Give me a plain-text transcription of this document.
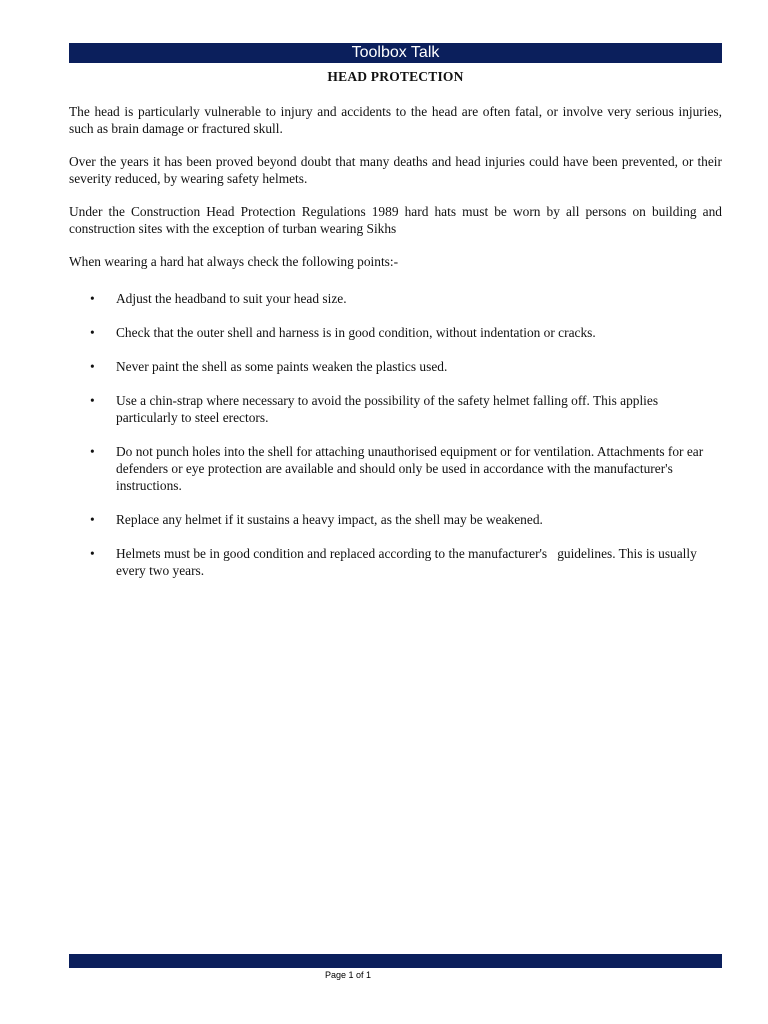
Toolbox Talk
HEAD PROTECTION

The head is particularly vulnerable to injury and accidents to the head are often fatal, or involve very serious injuries, such as brain damage or fractured skull.

Over the years it has been proved beyond doubt that many deaths and head injuries could have been prevented, or their severity reduced, by wearing safety helmets.

Under the Construction Head Protection Regulations 1989 hard hats must be worn by all persons on building and construction sites with the exception of turban wearing Sikhs

When wearing a hard hat always check the following points:-

• Adjust the headband to suit your head size.
• Check that the outer shell and harness is in good condition, without indentation or cracks.
• Never paint the shell as some paints weaken the plastics used.
• Use a chin-strap where necessary to avoid the possibility of the safety helmet falling off. This applies particularly to steel erectors.
• Do not punch holes into the shell for attaching unauthorised equipment or for ventilation. Attachments for ear defenders or eye protection are available and should only be used in accordance with the manufacturer's instructions.
• Replace any helmet if it sustains a heavy impact, as the shell may be weakened.
• Helmets must be in good condition and replaced according to the manufacturer's   guidelines. This is usually every two years.
Page 1 of 1
